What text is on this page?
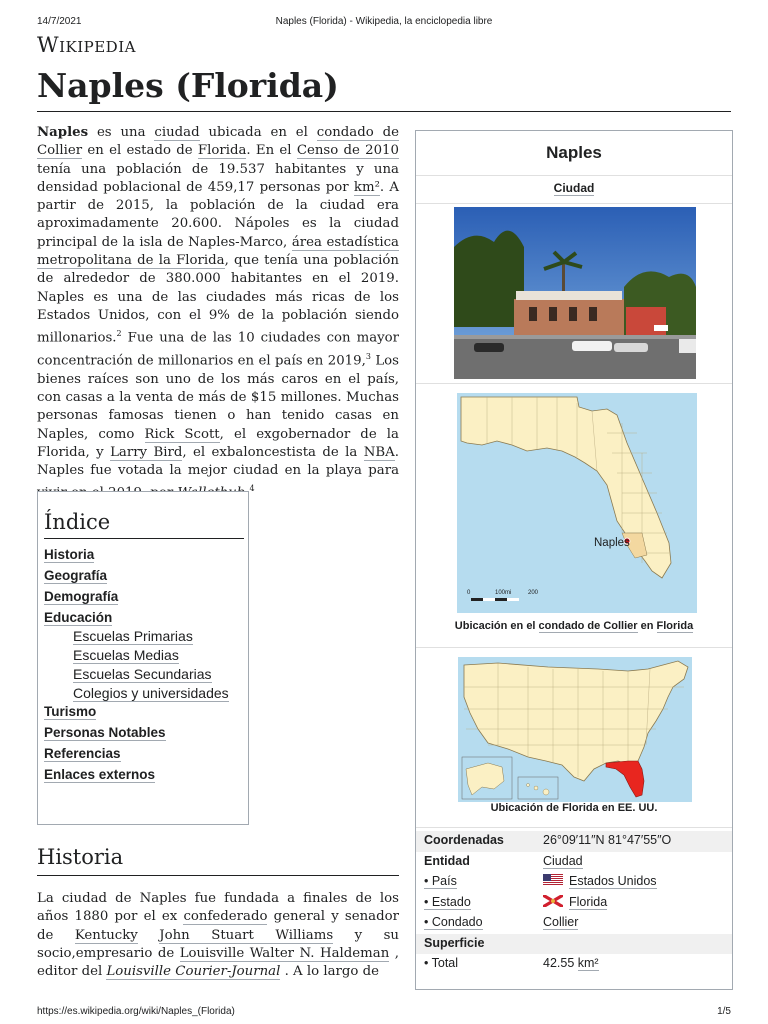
14/7/2021	Naples (Florida) - Wikipedia, la enciclopedia libre
Wikipedia
Naples (Florida)
Naples es una ciudad ubicada en el condado de Collier en el estado de Florida. En el Censo de 2010 tenía una población de 19.537 habitantes y una densidad poblacional de 459,17 personas por km². A partir de 2015, la población de la ciudad era aproximadamente 20.600. Nápoles es la ciudad principal de la isla de Naples-Marco, área estadística metropolitana de la Florida, que tenía una población de alrededor de 380.000 habitantes en el 2019. Naples es una de las ciudades más ricas de los Estados Unidos, con el 9% de la población siendo millonarios.$^2$ Fue una de las 10 ciudades con mayor concentración de millonarios en el país en 2019,$^3$ Los bienes raíces son uno de los más caros en el país, con casas a la venta de más de $15 millones. Muchas personas famosas tienen o han tenido casas en Naples, como Rick Scott, el exgobernador de la Florida, y Larry Bird, el exbaloncestista de la NBA. Naples fue votada la mejor ciudad en la playa para $^4$
Índice
Historia
Geografía
Demografía
Educación
Escuelas Primarias
Escuelas Medias
Escuelas Secundarias
Colegios y universidades
Turismo
Personas Notables
Referencias
Enlaces externos
Historia
La ciudad de Naples fue fundada a finales de los años 1880 por el ex confederado general y senador de Kentucky John Stuart Williams y su socio,empresario de Louisville Walter N. Haldeman , editor del Louisville Courier-Journal . A lo largo de
Naples
Ciudad
Naples
0	100mi	200
Ubicación en el condado de Collier en Florida
Ubicación de Florida en EE. UU.
Coordenadas	26°09′11″N 81°47′55″O
Entidad	Ciudad
• País	Estados Unidos
• Estado	Florida
• Condado	Collier
Superficie
• Total	42.55 km²
https://es.wikipedia.org/wiki/Naples_(Florida)	1/5
